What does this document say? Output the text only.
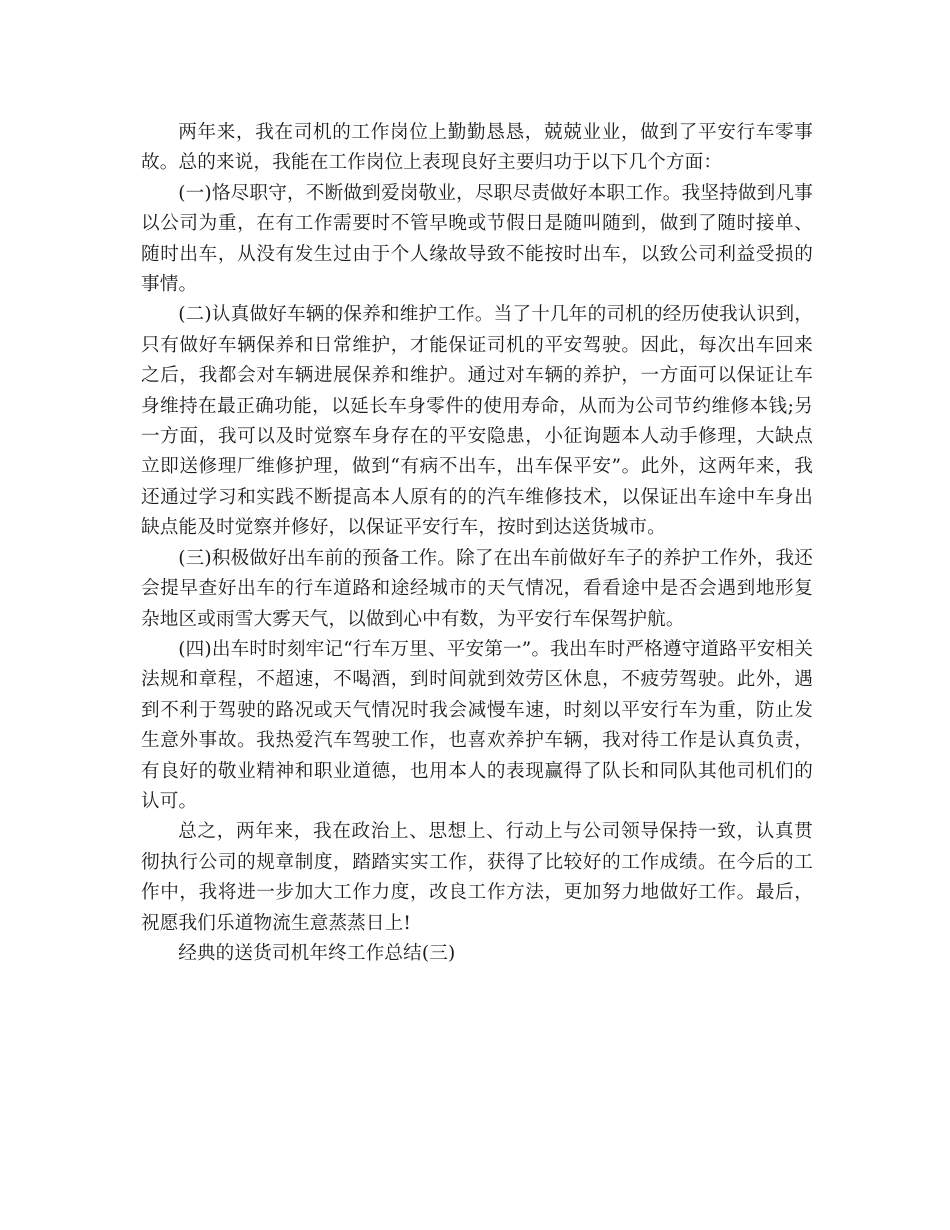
两年来，我在司机的工作岗位上勤勤恳恳，兢兢业业，做到了平安行车零事故。总的来说，我能在工作岗位上表现良好主要归功于以下几个方面：

(一)恪尽职守，不断做到爱岗敬业，尽职尽责做好本职工作。我坚持做到凡事以公司为重，在有工作需要时不管早晚或节假日是随叫随到，做到了随时接单、随时出车，从没有发生过由于个人缘故导致不能按时出车，以致公司利益受损的事情。

(二)认真做好车辆的保养和维护工作。当了十几年的司机的经历使我认识到，只有做好车辆保养和日常维护，才能保证司机的平安驾驶。因此，每次出车回来之后，我都会对车辆进展保养和维护。通过对车辆的养护，一方面可以保证让车身维持在最正确功能，以延长车身零件的使用寿命，从而为公司节约维修本钱;另一方面，我可以及时觉察车身存在的平安隐患，小征询题本人动手修理，大缺点立即送修理厂维修护理，做到“有病不出车，出车保平安”。此外，这两年来，我还通过学习和实践不断提高本人原有的的汽车维修技术，以保证出车途中车身出缺点能及时觉察并修好，以保证平安行车，按时到达送货城市。

(三)积极做好出车前的预备工作。除了在出车前做好车子的养护工作外，我还会提早查好出车的行车道路和途经城市的天气情况，看看途中是否会遇到地形复杂地区或雨雪大雾天气，以做到心中有数，为平安行车保驾护航。

(四)出车时时刻牢记“行车万里、平安第一”。我出车时严格遵守道路平安相关法规和章程，不超速，不喝酒，到时间就到效劳区休息，不疲劳驾驶。此外，遇到不利于驾驶的路况或天气情况时我会减慢车速，时刻以平安行车为重，防止发生意外事故。我热爱汽车驾驶工作，也喜欢养护车辆，我对待工作是认真负责，有良好的敬业精神和职业道德，也用本人的表现赢得了队长和同队其他司机们的认可。

总之，两年来，我在政治上、思想上、行动上与公司领导保持一致，认真贯彻执行公司的规章制度，踏踏实实工作，获得了比较好的工作成绩。在今后的工作中，我将进一步加大工作力度，改良工作方法，更加努力地做好工作。最后，祝愿我们乐道物流生意蒸蒸日上!

经典的送货司机年终工作总结(三)
